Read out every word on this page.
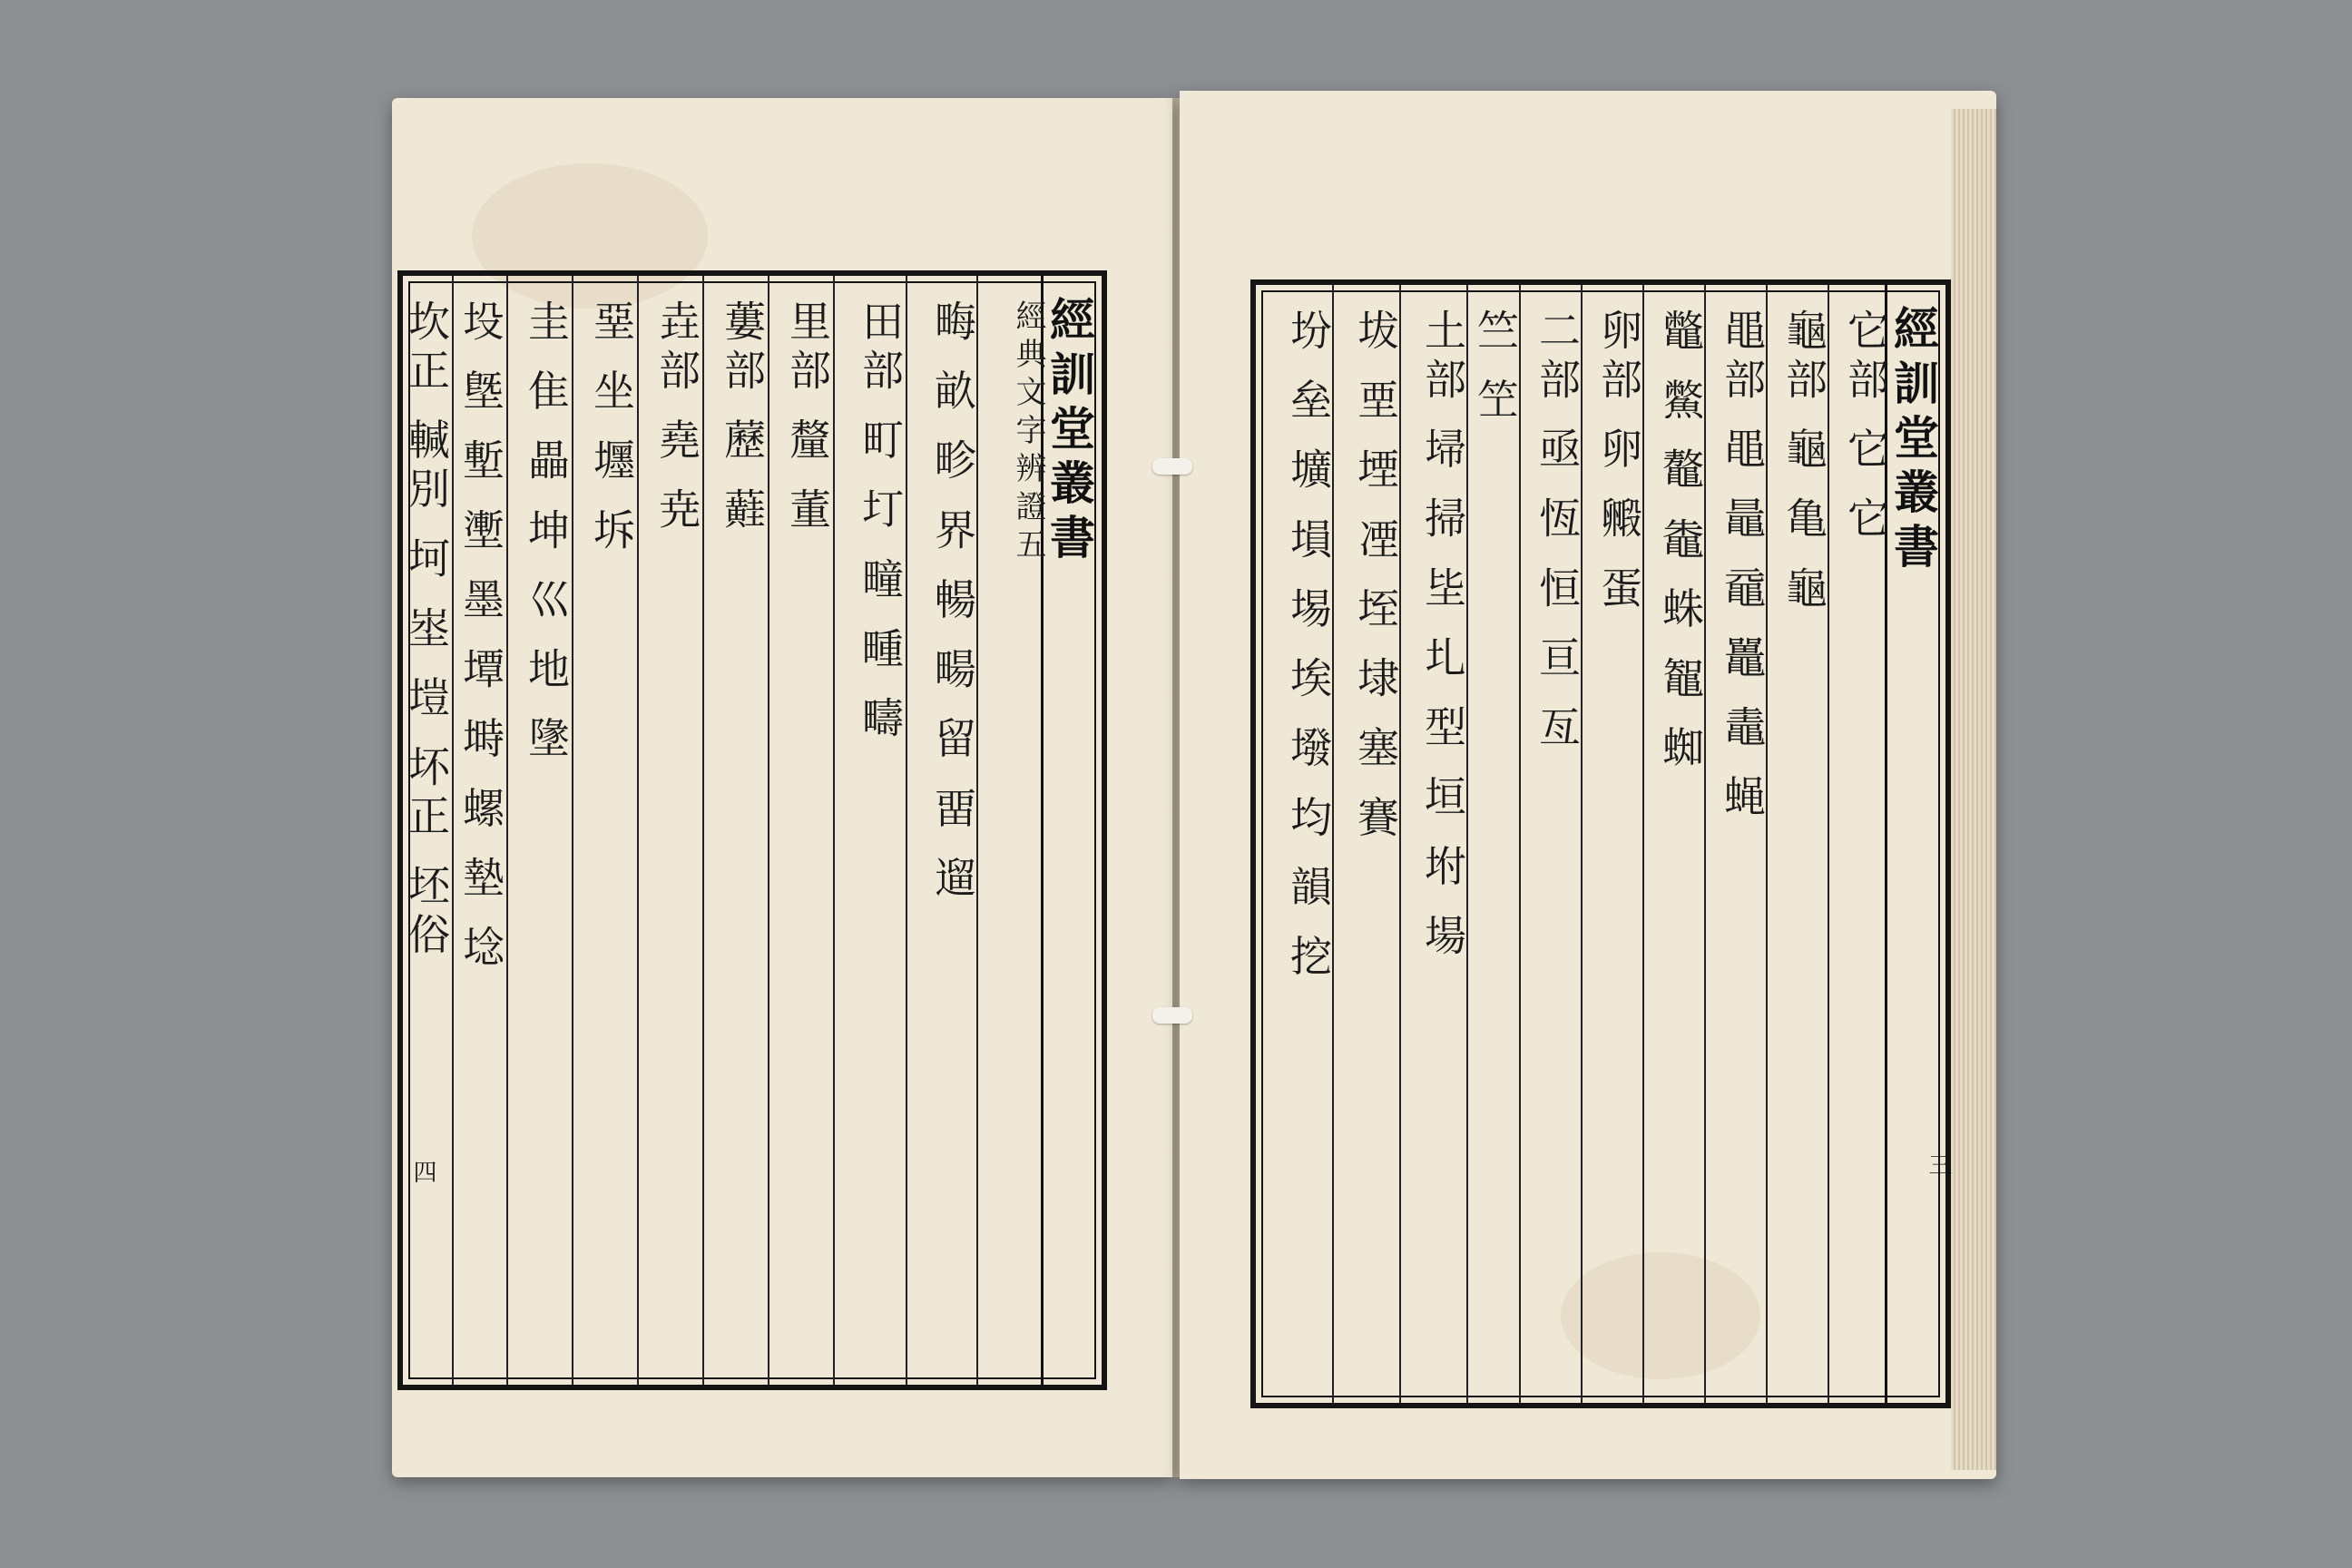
經訓堂叢書
經典文字辨證五
畮 畝 畛 界 暢 畼 留 畱 遛
田部 町 圢 疃 畽 疇
里部 釐 董
蔞部 藶 蘳
垚部 堯 尭
堊 坐 壥 坼
圭 隹 畾 坤 巛 地 墬
坄 墍 塹 壍 墨 墰 塒 螺 墊 埝
坎正 輱別 坷 埊 塏 坏正 坯俗
四
經訓堂叢書
它部 它 它
龜部 龜 亀 龜
黽部 黽 鼂 黿 鼉 鼃 蝇
鼈 鱉 鼇 鼄 蛛 鼅 蜘
卵部 卵 毈 蛋
二部 亟 恆 恒 亘 亙
竺 笁
土部 埽 掃 坒 圠 型 垣 坿 場
坺 垔 堙 凐 垤 埭 塞 賽
坋 垒 壙 塤 埸 埃 墢 均 韻 挖
三
